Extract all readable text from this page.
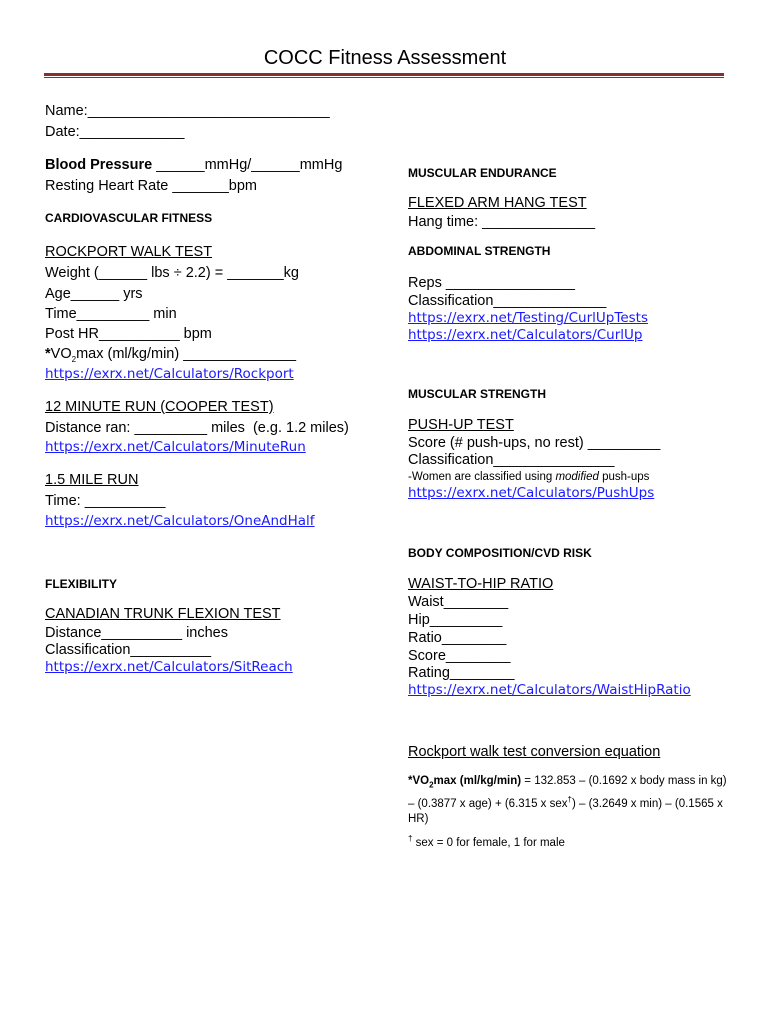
COCC Fitness Assessment
Name:______________________________
Date:_____________
Blood Pressure ______mmHg/______mmHg
Resting Heart Rate _______bpm
CARDIOVASCULAR FITNESS
ROCKPORT WALK TEST
Weight (______ lbs ÷ 2.2) = _______kg
Age______ yrs
Time_________ min
Post HR__________ bpm
$*VO_2\max$ (ml/kg/min) ______________
https://exrx.net/Calculators/Rockport
12 MINUTE RUN (COOPER TEST)
Distance ran: _________ miles  (e.g. 1.2 miles)
https://exrx.net/Calculators/MinuteRun
1.5 MILE RUN
Time: __________
https://exrx.net/Calculators/OneAndHalf
FLEXIBILITY
CANADIAN TRUNK FLEXION TEST
Distance__________ inches
Classification__________
https://exrx.net/Calculators/SitReach
MUSCULAR ENDURANCE
FLEXED ARM HANG TEST
Hang time: ______________
ABDOMINAL STRENGTH
Reps ________________
Classification______________
https://exrx.net/Testing/CurlUpTests
https://exrx.net/Calculators/CurlUp
MUSCULAR STRENGTH
PUSH-UP TEST
Score (# push-ups, no rest) _________
Classification_______________
-Women are classified using modified push-ups
https://exrx.net/Calculators/PushUps
BODY COMPOSITION/CVD RISK
WAIST-TO-HIP RATIO
Waist________
Hip_________
Ratio________
Score________
Rating________
https://exrx.net/Calculators/WaistHipRatio
Rockport walk test conversion equation
$*VO_2\max$ (ml/kg/min) = 132.853 – (0.1692 x body mass in kg) – (0.3877 x age) + (6.315 x sex†) – (3.2649 x min) – (0.1565 x HR)
† sex = 0 for female, 1 for male
